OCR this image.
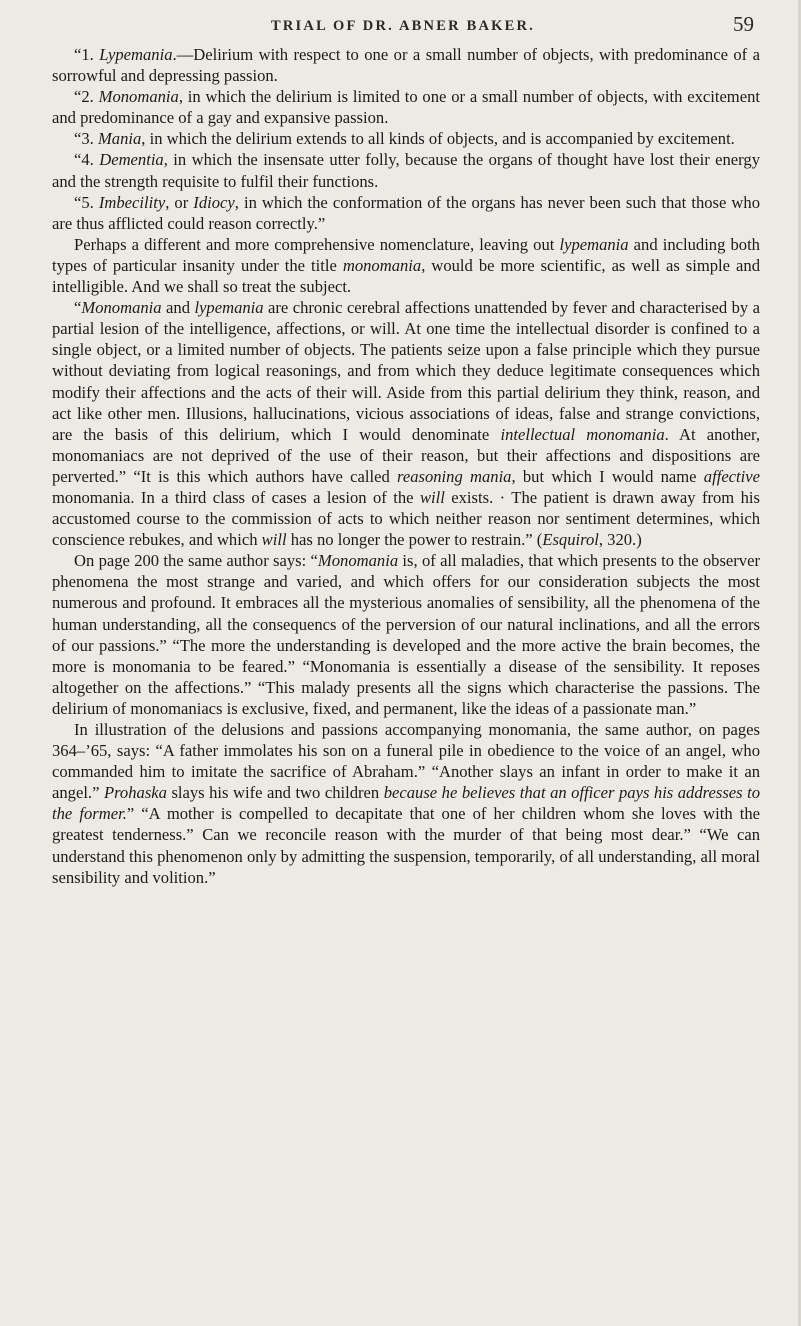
TRIAL OF DR. ABNER BAKER.	59

“1. Lypemania.—Delirium with respect to one or a small number of objects, with predominance of a sorrowful and depressing passion.

“2. Monomania, in which the delirium is limited to one or a small number of objects, with excitement and predominance of a gay and expansive passion.

“3. Mania, in which the delirium extends to all kinds of objects, and is accompanied by excitement.

“4. Dementia, in which the insensate utter folly, because the organs of thought have lost their energy and the strength requisite to fulfil their functions.

“5. Imbecility, or Idiocy, in which the conformation of the organs has never been such that those who are thus afflicted could reason correctly.”

Perhaps a different and more comprehensive nomenclature, leaving out lypemania and including both types of particular insanity under the title monomania, would be more scientific, as well as simple and intelligible. And we shall so treat the subject.

“Monomania and lypemania are chronic cerebral affections unattended by fever and characterised by a partial lesion of the intelligence, affections, or will. At one time the intellectual disorder is confined to a single object, or a limited number of objects. The patients seize upon a false principle which they pursue without deviating from logical reasonings, and from which they deduce legitimate consequences which modify their affections and the acts of their will. Aside from this partial delirium they think, reason, and act like other men. Illusions, hallucinations, vicious associations of ideas, false and strange convictions, are the basis of this delirium, which I would denominate intellectual monomania. At another, monomaniacs are not deprived of the use of their reason, but their affections and dispositions are perverted.” “It is this which authors have called reasoning mania, but which I would name affective monomania. In a third class of cases a lesion of the will exists. · The patient is drawn away from his accustomed course to the commission of acts to which neither reason nor sentiment determines, which conscience rebukes, and which will has no longer the power to restrain.” (Esquirol, 320.)

On page 200 the same author says: “Monomania is, of all maladies, that which presents to the observer phenomena the most strange and varied, and which offers for our consideration subjects the most numerous and profound. It embraces all the mysterious anomalies of sensibility, all the phenomena of the human understanding, all the consequencs of the perversion of our natural inclinations, and all the errors of our passions.” “The more the understanding is developed and the more active the brain becomes, the more is monomania to be feared.” “Monomania is essentially a disease of the sensibility. It reposes altogether on the affections.” “This malady presents all the signs which characterise the passions. The delirium of monomaniacs is exclusive, fixed, and permanent, like the ideas of a passionate man.”

In illustration of the delusions and passions accompanying monomania, the same author, on pages 364–’65, says: “A father immolates his son on a funeral pile in obedience to the voice of an angel, who commanded him to imitate the sacrifice of Abraham.” “Another slays an infant in order to make it an angel.” Prohaska slays his wife and two children because he believes that an officer pays his addresses to the former.” “A mother is compelled to decapitate that one of her children whom she loves with the greatest tenderness.” Can we reconcile reason with the murder of that being most dear.” “We can understand this phenomenon only by admitting the suspension, temporarily, of all understanding, all moral sensibility and volition.”
